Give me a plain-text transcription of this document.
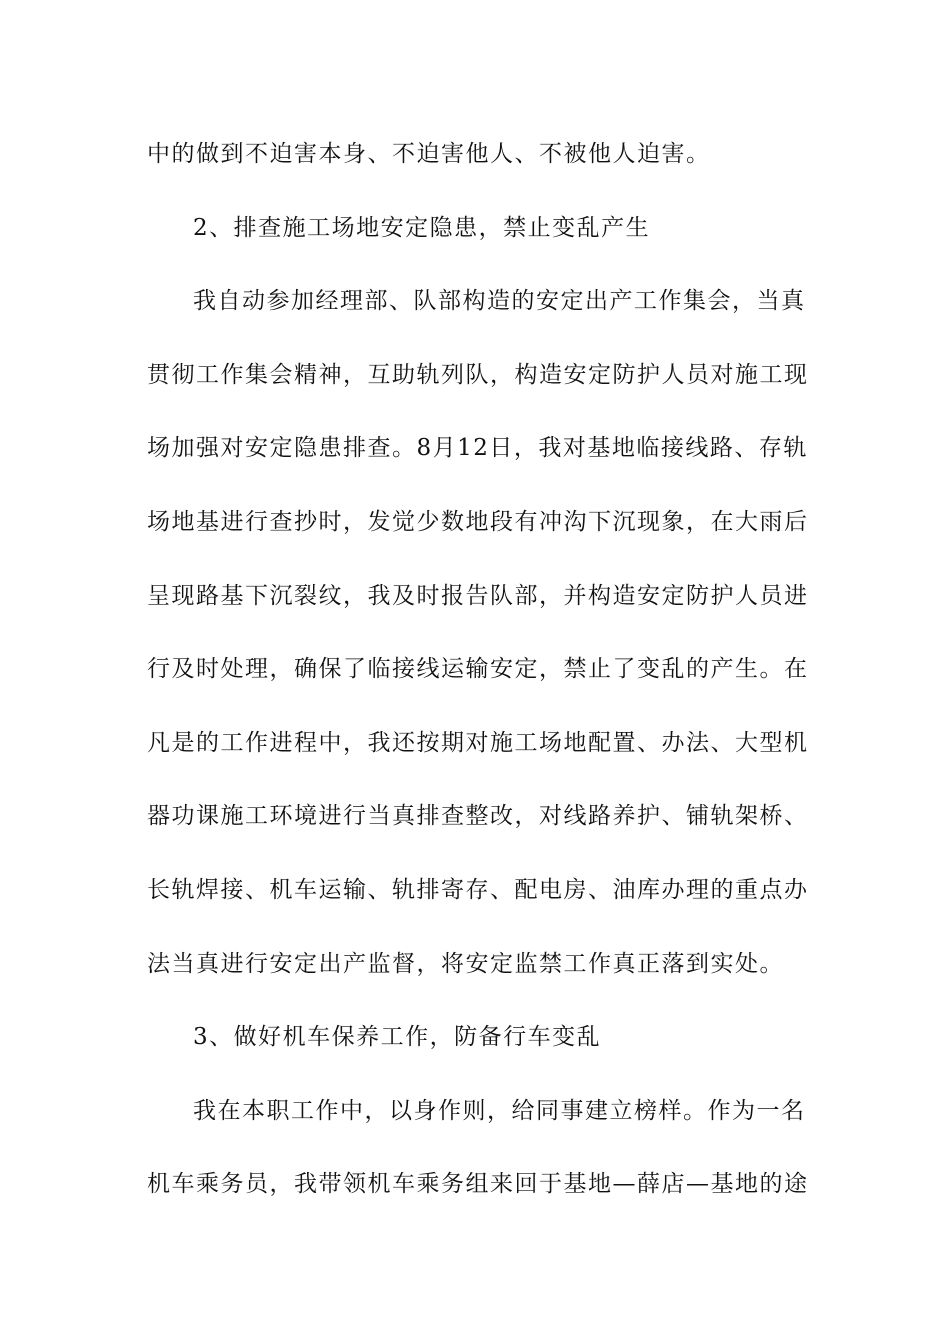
中的做到不迫害本身、不迫害他人、不被他人迫害。
2、排查施工场地安定隐患，禁止变乱产生
我自动参加经理部、队部构造的安定出产工作集会，当真
贯彻工作集会精神，互助轨列队，构造安定防护人员对施工现
场加强对安定隐患排查。8月12日，我对基地临接线路、存轨
场地基进行查抄时，发觉少数地段有冲沟下沉现象，在大雨后
呈现路基下沉裂纹，我及时报告队部，并构造安定防护人员进
行及时处理，确保了临接线运输安定，禁止了变乱的产生。在
凡是的工作进程中，我还按期对施工场地配置、办法、大型机
器功课施工环境进行当真排查整改，对线路养护、铺轨架桥、
长轨焊接、机车运输、轨排寄存、配电房、油库办理的重点办
法当真进行安定出产监督，将安定监禁工作真正落到实处。
3、做好机车保养工作，防备行车变乱
我在本职工作中，以身作则，给同事建立榜样。作为一名
机车乘务员，我带领机车乘务组来回于基地—薛店—基地的途
